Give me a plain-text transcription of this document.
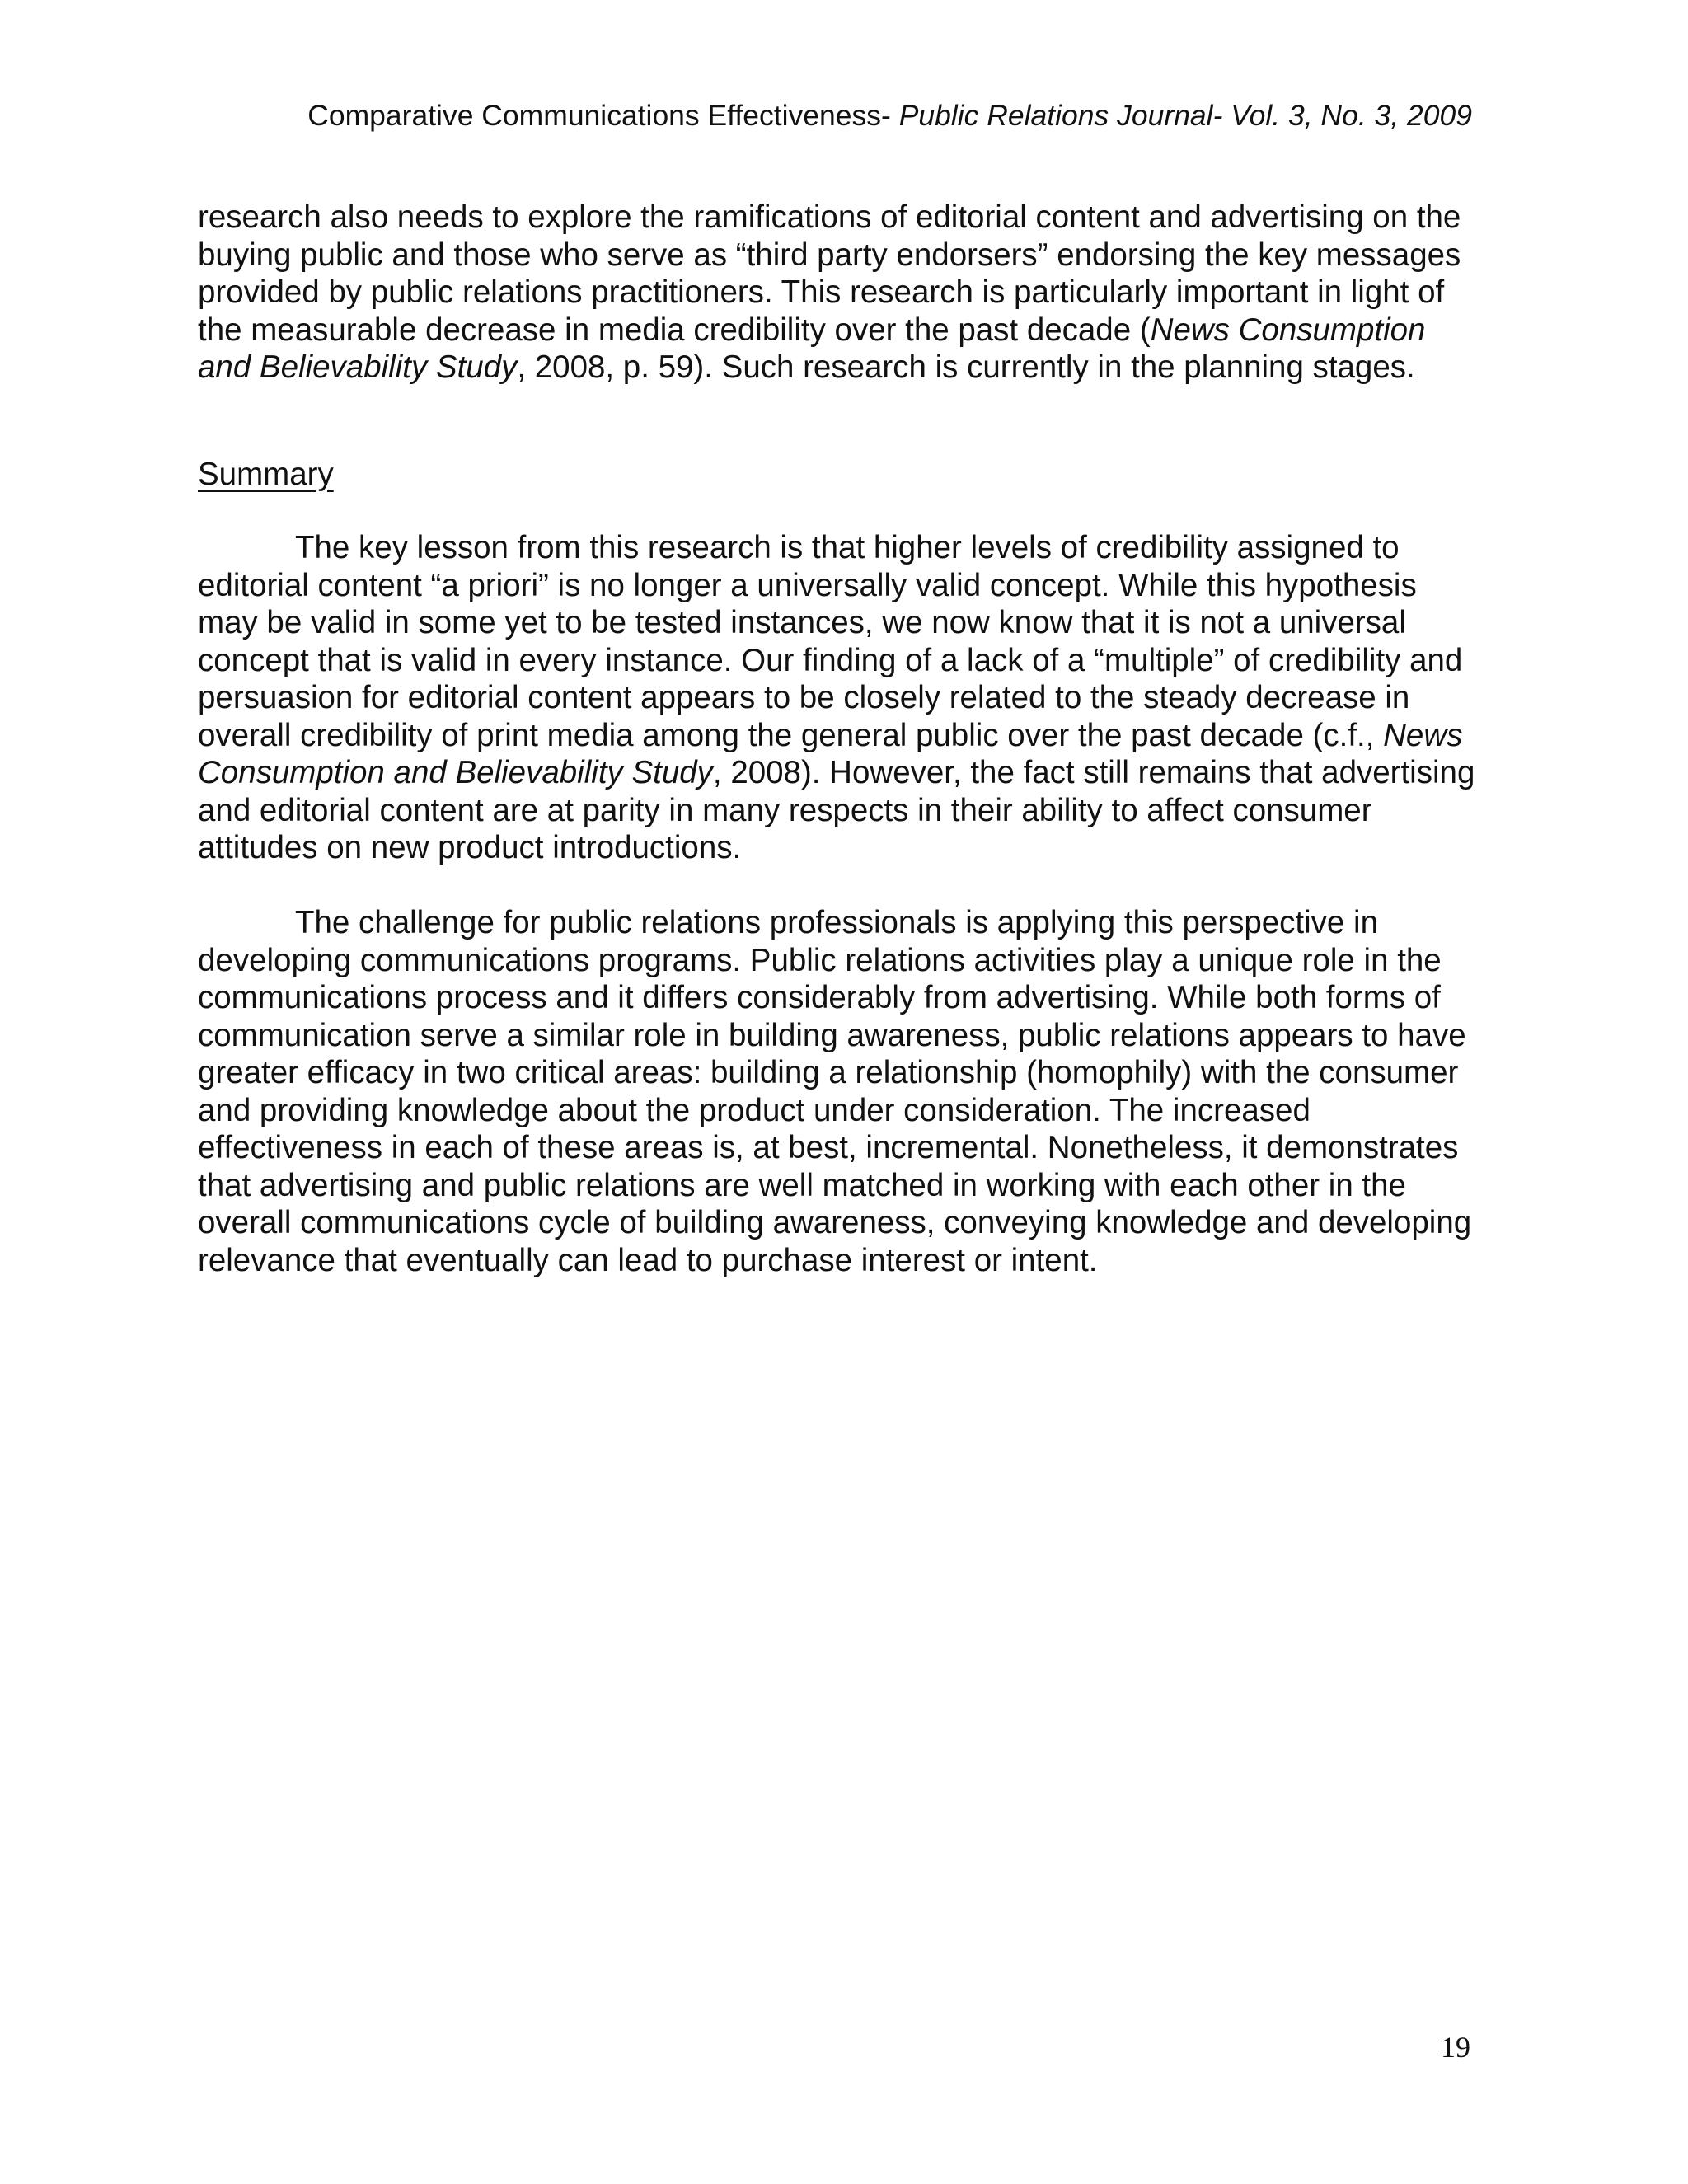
Comparative Communications Effectiveness- Public Relations Journal- Vol. 3, No. 3, 2009

research also needs to explore the ramifications of editorial content and advertising on the buying public and those who serve as “third party endorsers” endorsing the key messages provided by public relations practitioners. This research is particularly important in light of the measurable decrease in media credibility over the past decade (News Consumption and Believability Study, 2008, p. 59). Such research is currently in the planning stages.

Summary

The key lesson from this research is that higher levels of credibility assigned to editorial content “a priori” is no longer a universally valid concept. While this hypothesis may be valid in some yet to be tested instances, we now know that it is not a universal concept that is valid in every instance. Our finding of a lack of a “multiple” of credibility and persuasion for editorial content appears to be closely related to the steady decrease in overall credibility of print media among the general public over the past decade (c.f., News Consumption and Believability Study, 2008). However, the fact still remains that advertising and editorial content are at parity in many respects in their ability to affect consumer attitudes on new product introductions.

The challenge for public relations professionals is applying this perspective in developing communications programs. Public relations activities play a unique role in the communications process and it differs considerably from advertising. While both forms of communication serve a similar role in building awareness, public relations appears to have greater efficacy in two critical areas: building a relationship (homophily) with the consumer and providing knowledge about the product under consideration. The increased effectiveness in each of these areas is, at best, incremental. Nonetheless, it demonstrates that advertising and public relations are well matched in working with each other in the overall communications cycle of building awareness, conveying knowledge and developing relevance that eventually can lead to purchase interest or intent.

19
